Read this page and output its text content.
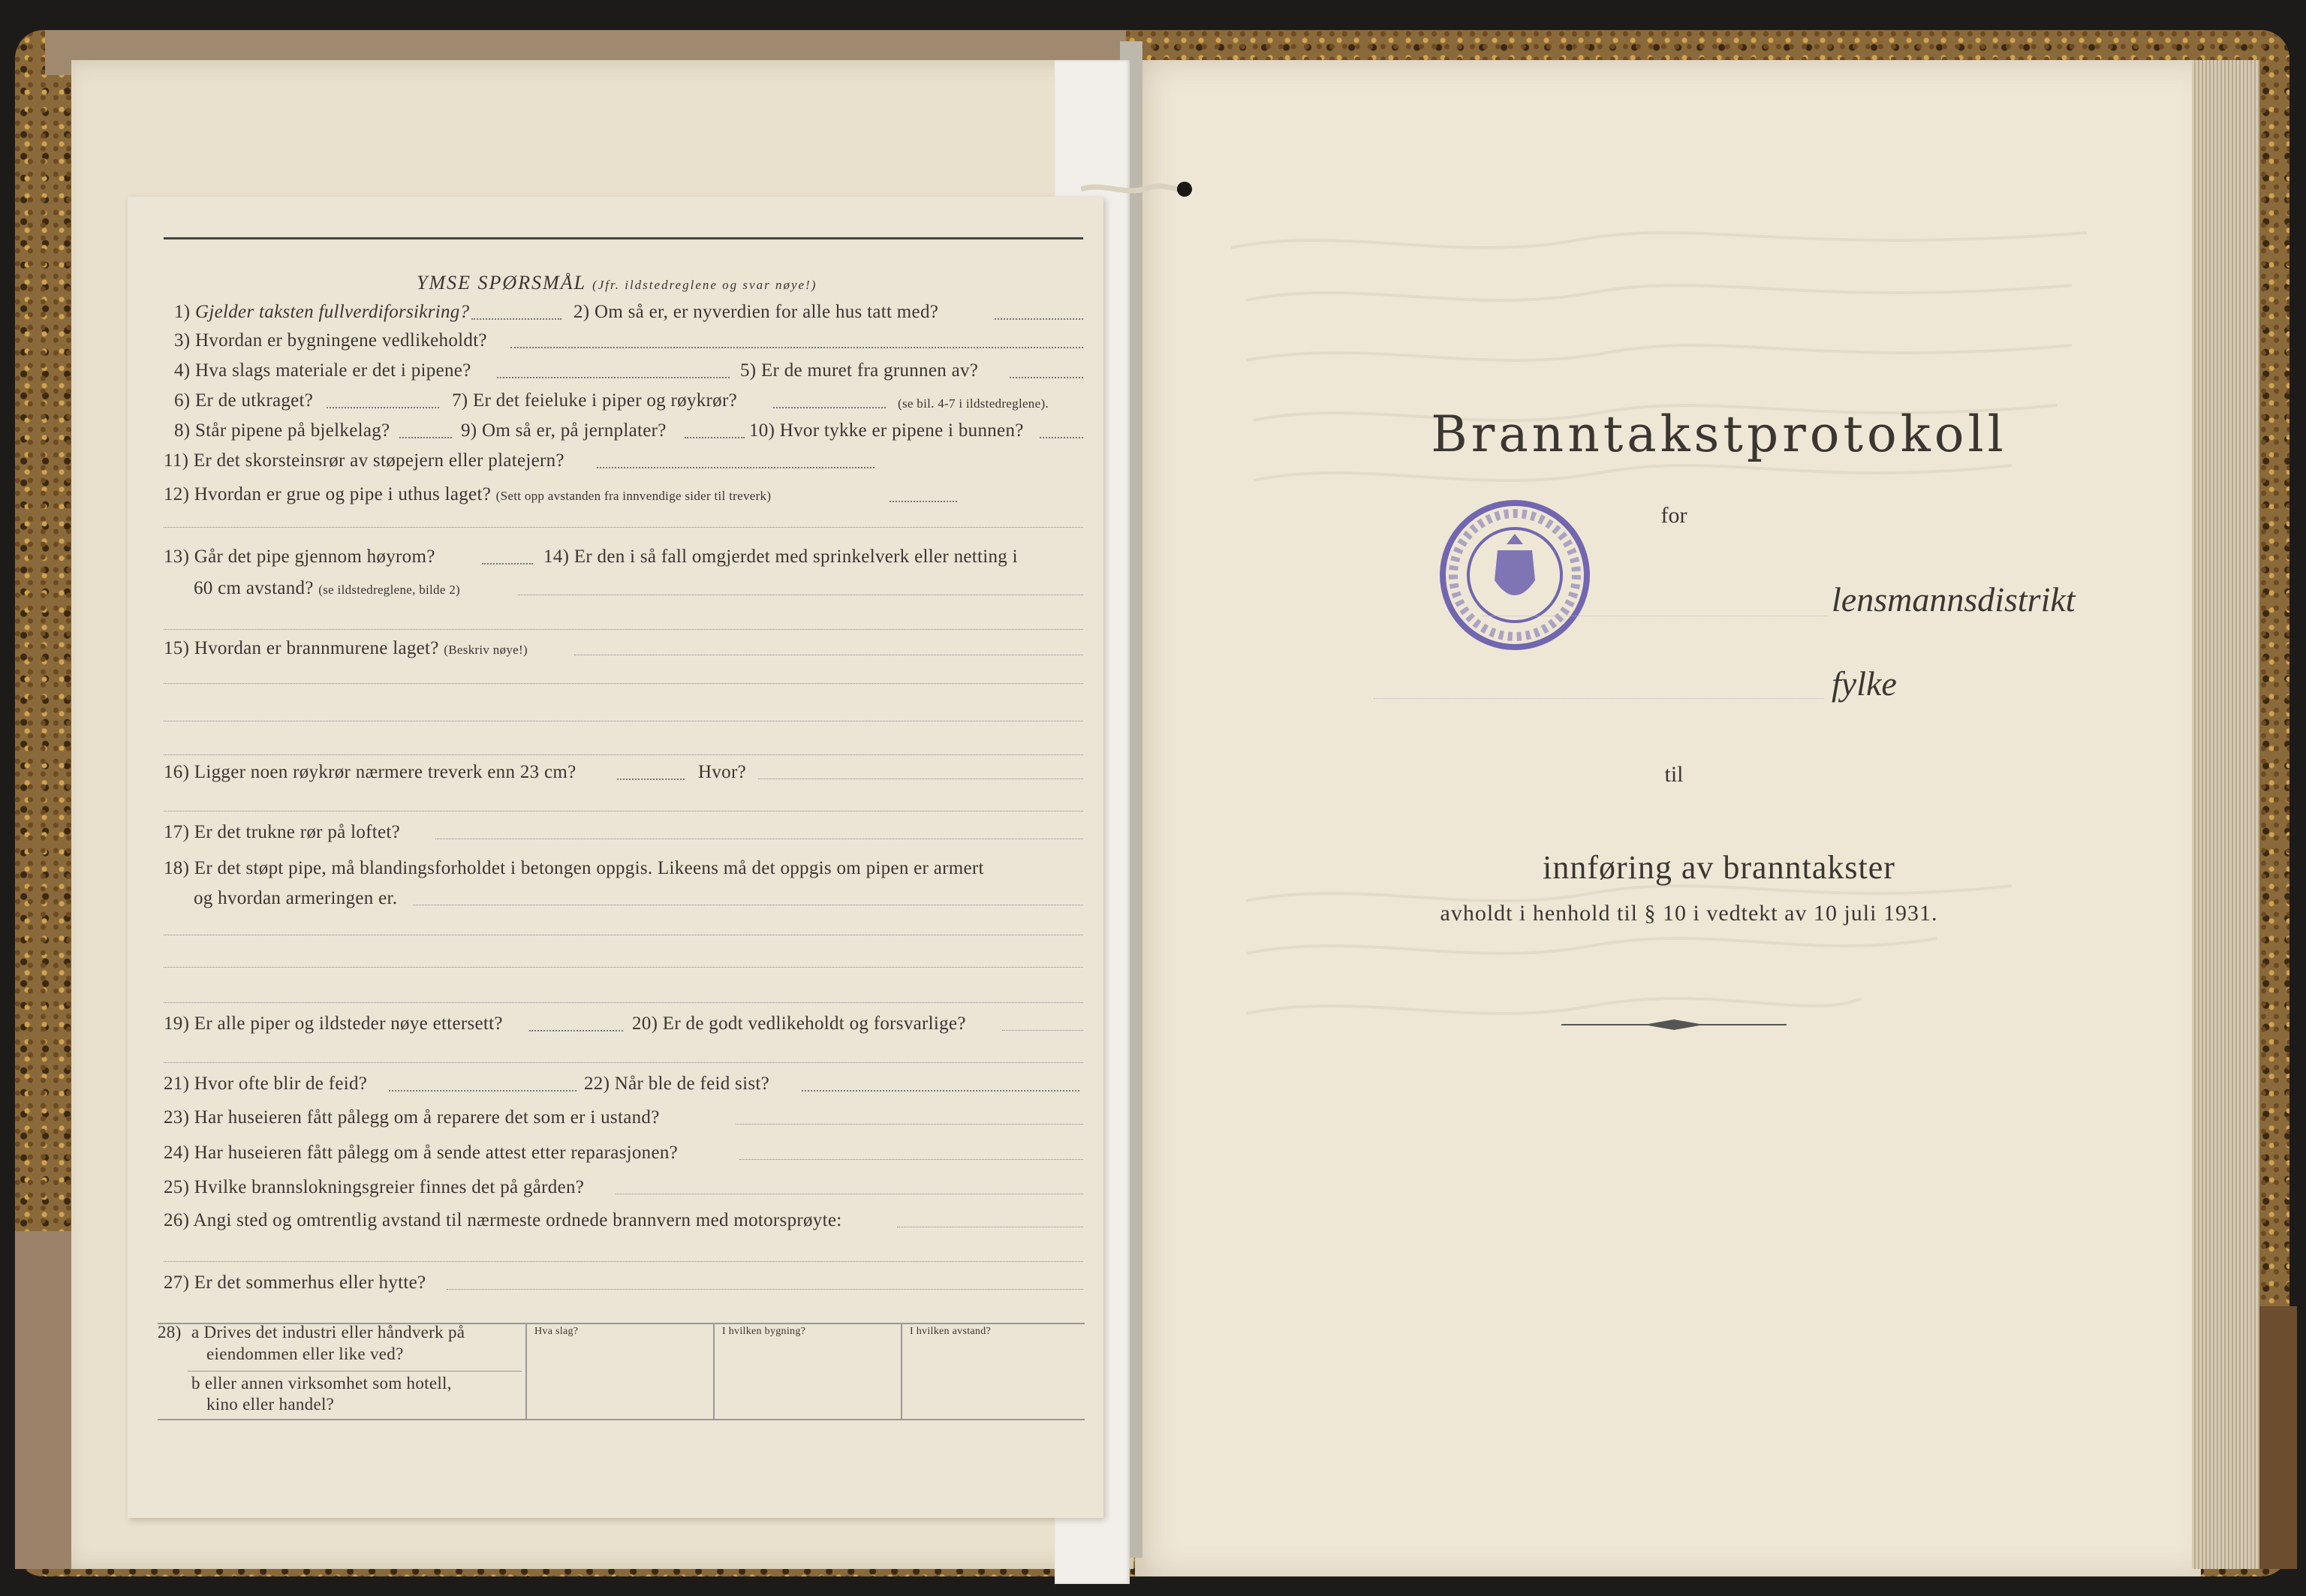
YMSE SPØRSMÅL (Jfr. ildstedreglene og svar nøye!)
1) Gjelder taksten fullverdiforsikring?	2) Om så er, er nyverdien for alle hus tatt med?
3) Hvordan er bygningene vedlikeholdt?
4) Hva slags materiale er det i pipene?	5) Er de muret fra grunnen av?
6) Er de utkraget?	7) Er det feieluke i piper og røykrør?	(se bil. 4-7 i ildstedreglene).
8) Står pipene på bjelkelag?	9) Om så er, på jernplater?	10) Hvor tykke er pipene i bunnen?
11) Er det skorsteinsrør av støpejern eller platejern?
12) Hvordan er grue og pipe i uthus laget? (Sett opp avstanden fra innvendige sider til treverk)
13) Går det pipe gjennom høyrom?	14) Er den i så fall omgjerdet med sprinkelverk eller netting i
60 cm avstand? (se ildstedreglene, bilde 2)
15) Hvordan er brannmurene laget? (Beskriv nøye!)
16) Ligger noen røykrør nærmere treverk enn 23 cm?	Hvor?
17) Er det trukne rør på loftet?
18) Er det støpt pipe, må blandingsforholdet i betongen oppgis. Likeens må det oppgis om pipen er armert
og hvordan armeringen er.
19) Er alle piper og ildsteder nøye ettersett?	20) Er de godt vedlikeholdt og forsvarlige?
21) Hvor ofte blir de feid?	22) Når ble de feid sist?
23) Har huseieren fått pålegg om å reparere det som er i ustand?
24) Har huseieren fått pålegg om å sende attest etter reparasjonen?
25) Hvilke brannslokningsgreier finnes det på gården?
26) Angi sted og omtrentlig avstand til nærmeste ordnede brannvern med motorsprøyte:
27) Er det sommerhus eller hytte?
28) a Drives det industri eller håndverk på
eiendommen eller like ved?
b eller annen virksomhet som hotell,
kino eller handel?
Hva slag?	I hvilken bygning?	I hvilken avstand?
Branntakstprotokoll
for
lensmannsdistrikt
fylke
til
innføring av branntakster
avholdt i henhold til § 10 i vedtekt av 10 juli 1931.
